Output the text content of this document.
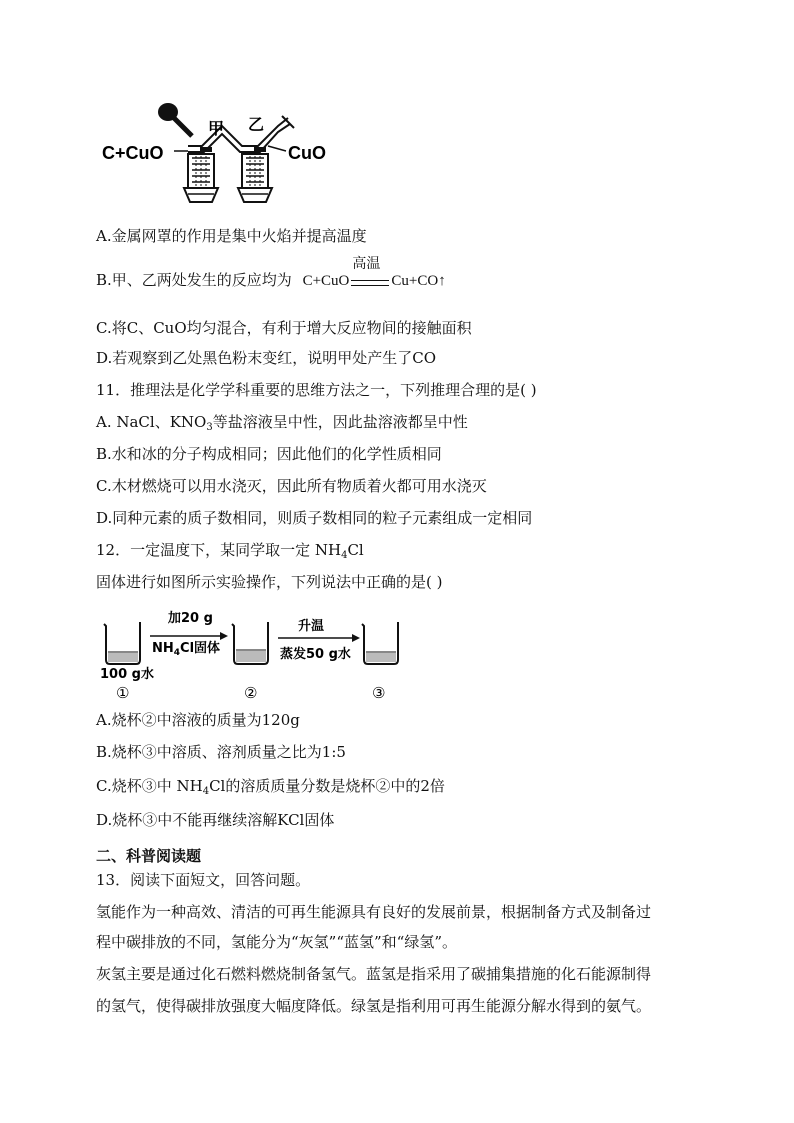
C+CuO	CuO
甲 乙
A.金属网罩的作用是集中火焰并提高温度
B.甲、乙两处发生的反应均为 C+CuO
高温
Cu+CO↑
C.将C、CuO均匀混合，有利于增大反应物间的接触面积
D.若观察到乙处黑色粉末变红，说明甲处产生了CO
11．推理法是化学学科重要的思维方法之一，下列推理合理的是( )
A. NaCl、$KNO_3$等盐溶液呈中性，因此盐溶液都呈中性
B.水和冰的分子构成相同；因此他们的化学性质相同
C.木材燃烧可以用水浇灭，因此所有物质着火都可用水浇灭
D.同种元素的质子数相同，则质子数相同的粒子元素组成一定相同
12．一定温度下，某同学取一定 $NH_4Cl$
固体进行如图所示实验操作，下列说法中正确的是( )
加20 g
$NH_4Cl$固体
升温
蒸发50 g水
100 g水
①	②	③
A.烧杯②中溶液的质量为120g
B.烧杯③中溶质、溶剂质量之比为1:5
C.烧杯③中 $NH_4Cl$的溶质质量分数是烧杯②中的2倍
D.烧杯③中不能再继续溶解KCl固体
二、科普阅读题
13．阅读下面短文，回答问题。
氢能作为一种高效、清洁的可再生能源具有良好的发展前景，根据制备方式及制备过
程中碳排放的不同，氢能分为“灰氢”“蓝氢”和“绿氢”。
灰氢主要是通过化石燃料燃烧制备氢气。蓝氢是指采用了碳捕集措施的化石能源制得
的氢气，使得碳排放强度大幅度降低。绿氢是指利用可再生能源分解水得到的氨气。
